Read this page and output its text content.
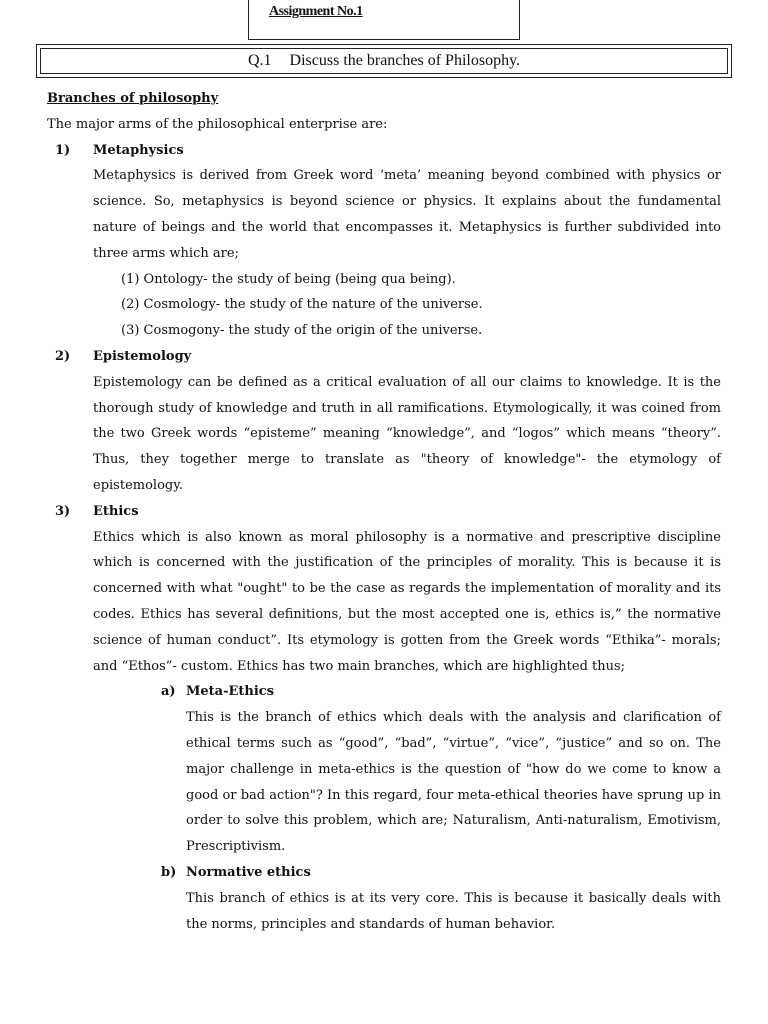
Assignment No.1
Q.1 Discuss the branches of Philosophy.

Branches of philosophy

The major arms of the philosophical enterprise are:

1) Metaphysics

Metaphysics is derived from Greek word ‘meta’ meaning beyond combined with physics or science. So, metaphysics is beyond science or physics. It explains about the fundamental nature of beings and the world that encompasses it. Metaphysics is further subdivided into three arms which are;

(1) Ontology- the study of being (being qua being).

(2) Cosmology- the study of the nature of the universe.

(3) Cosmogony- the study of the origin of the universe.

2) Epistemology

Epistemology can be defined as a critical evaluation of all our claims to knowledge. It is the thorough study of knowledge and truth in all ramifications. Etymologically, it was coined from the two Greek words “episteme” meaning “knowledge”, and “logos” which means “theory”. Thus, they together merge to translate as "theory of knowledge"- the etymology of epistemology.

3) Ethics

Ethics which is also known as moral philosophy is a normative and prescriptive discipline which is concerned with the justification of the principles of morality. This is because it is concerned with what "ought" to be the case as regards the implementation of morality and its codes. Ethics has several definitions, but the most accepted one is, ethics is,” the normative science of human conduct”. Its etymology is gotten from the Greek words “Ethika”- morals; and “Ethos”- custom. Ethics has two main branches, which are highlighted thus;

a) Meta-Ethics

This is the branch of ethics which deals with the analysis and clarification of ethical terms such as “good”, “bad”, “virtue”, “vice”, “justice” and so on. The major challenge in meta-ethics is the question of "how do we come to know a good or bad action"? In this regard, four meta-ethical theories have sprung up in order to solve this problem, which are; Naturalism, Anti-naturalism, Emotivism, Prescriptivism.

b) Normative ethics

This branch of ethics is at its very core. This is because it basically deals with the norms, principles and standards of human behavior.
